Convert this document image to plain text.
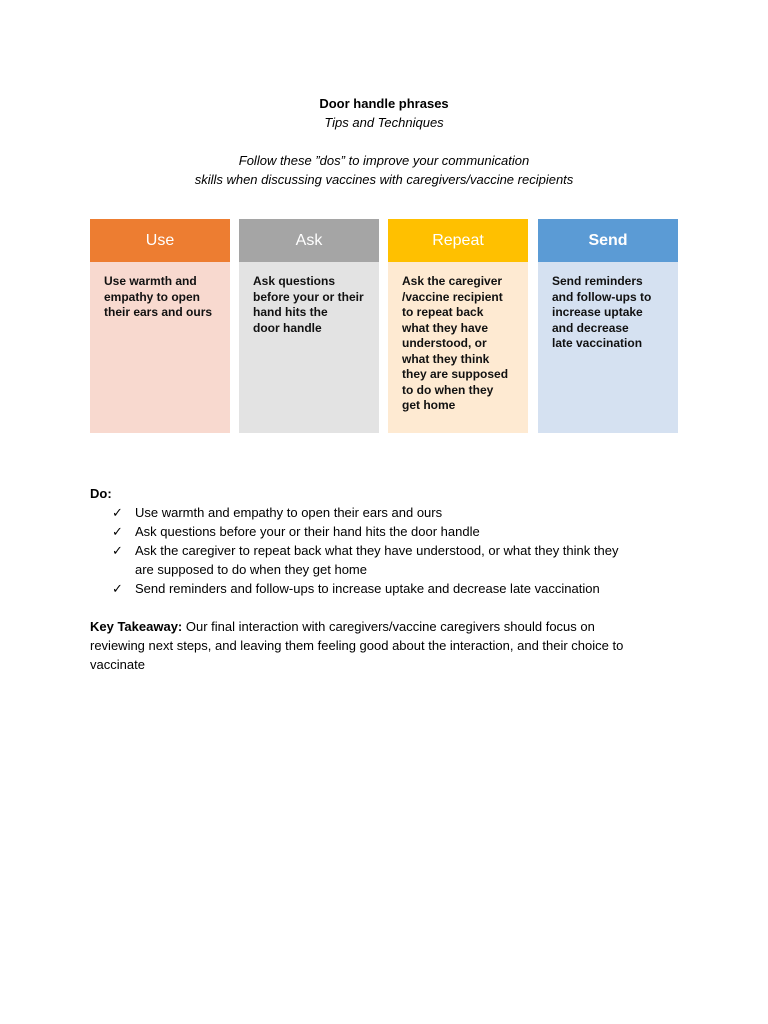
Door handle phrases
Tips and Techniques
Follow these ”dos” to improve your communication
skills when discussing vaccines with caregivers/vaccine recipients
Use
Use warmth and
empathy to open
their ears and ours
Ask
Ask questions
before your or their
hand hits the
door handle
Repeat
Ask the caregiver
/vaccine recipient
to repeat back
what they have
understood, or
what they think
they are supposed
to do when they
get home
Send
Send reminders
and follow-ups to
increase uptake
and decrease
late vaccination
Do:
✓ Use warmth and empathy to open their ears and ours
✓ Ask questions before your or their hand hits the door handle
✓ Ask the caregiver to repeat back what they have understood, or what they think they
are supposed to do when they get home
✓ Send reminders and follow-ups to increase uptake and decrease late vaccination
Key Takeaway: Our final interaction with caregivers/vaccine caregivers should focus on
reviewing next steps, and leaving them feeling good about the interaction, and their choice to
vaccinate
